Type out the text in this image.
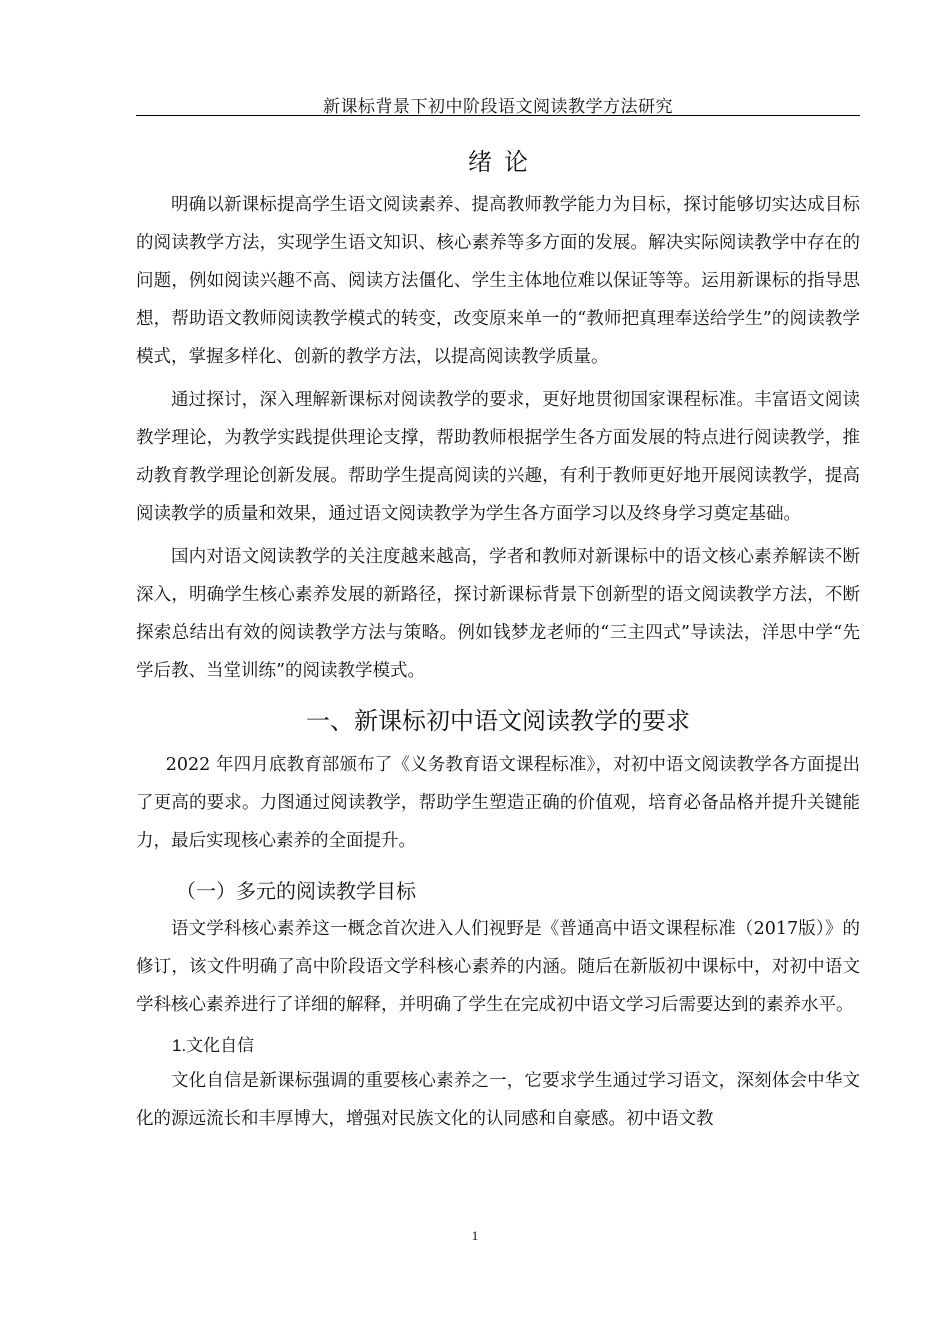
新课标背景下初中阶段语文阅读教学方法研究
绪论

明确以新课标提高学生语文阅读素养、提高教师教学能力为目标，探讨能够切实达成目标的阅读教学方法，实现学生语文知识、核心素养等多方面的发展。解决实际阅读教学中存在的问题，例如阅读兴趣不高、阅读方法僵化、学生主体地位难以保证等等。运用新课标的指导思想，帮助语文教师阅读教学模式的转变，改变原来单一的“教师把真理奉送给学生”的阅读教学模式，掌握多样化、创新的教学方法，以提高阅读教学质量。

通过探讨，深入理解新课标对阅读教学的要求，更好地贯彻国家课程标准。丰富语文阅读教学理论，为教学实践提供理论支撑，帮助教师根据学生各方面发展的特点进行阅读教学，推动教育教学理论创新发展。帮助学生提高阅读的兴趣，有利于教师更好地开展阅读教学，提高阅读教学的质量和效果，通过语文阅读教学为学生各方面学习以及终身学习奠定基础。

国内对语文阅读教学的关注度越来越高，学者和教师对新课标中的语文核心素养解读不断深入，明确学生核心素养发展的新路径，探讨新课标背景下创新型的语文阅读教学方法，不断探索总结出有效的阅读教学方法与策略。例如钱梦龙老师的“三主四式”导读法，洋思中学“先学后教、当堂训练”的阅读教学模式。

一、新课标初中语文阅读教学的要求

2022 年四月底教育部颁布了《义务教育语文课程标准》，对初中语文阅读教学各方面提出了更高的要求。力图通过阅读教学，帮助学生塑造正确的价值观，培育必备品格并提升关键能力，最后实现核心素养的全面提升。

（一）多元的阅读教学目标

语文学科核心素养这一概念首次进入人们视野是《普通高中语文课程标准（2017版）》的修订，该文件明确了高中阶段语文学科核心素养的内涵。随后在新版初中课标中，对初中语文学科核心素养进行了详细的解释，并明确了学生在完成初中语文学习后需要达到的素养水平。

1.文化自信

文化自信是新课标强调的重要核心素养之一，它要求学生通过学习语文，深刻体会中华文化的源远流长和丰厚博大，增强对民族文化的认同感和自豪感。初中语文教

1
